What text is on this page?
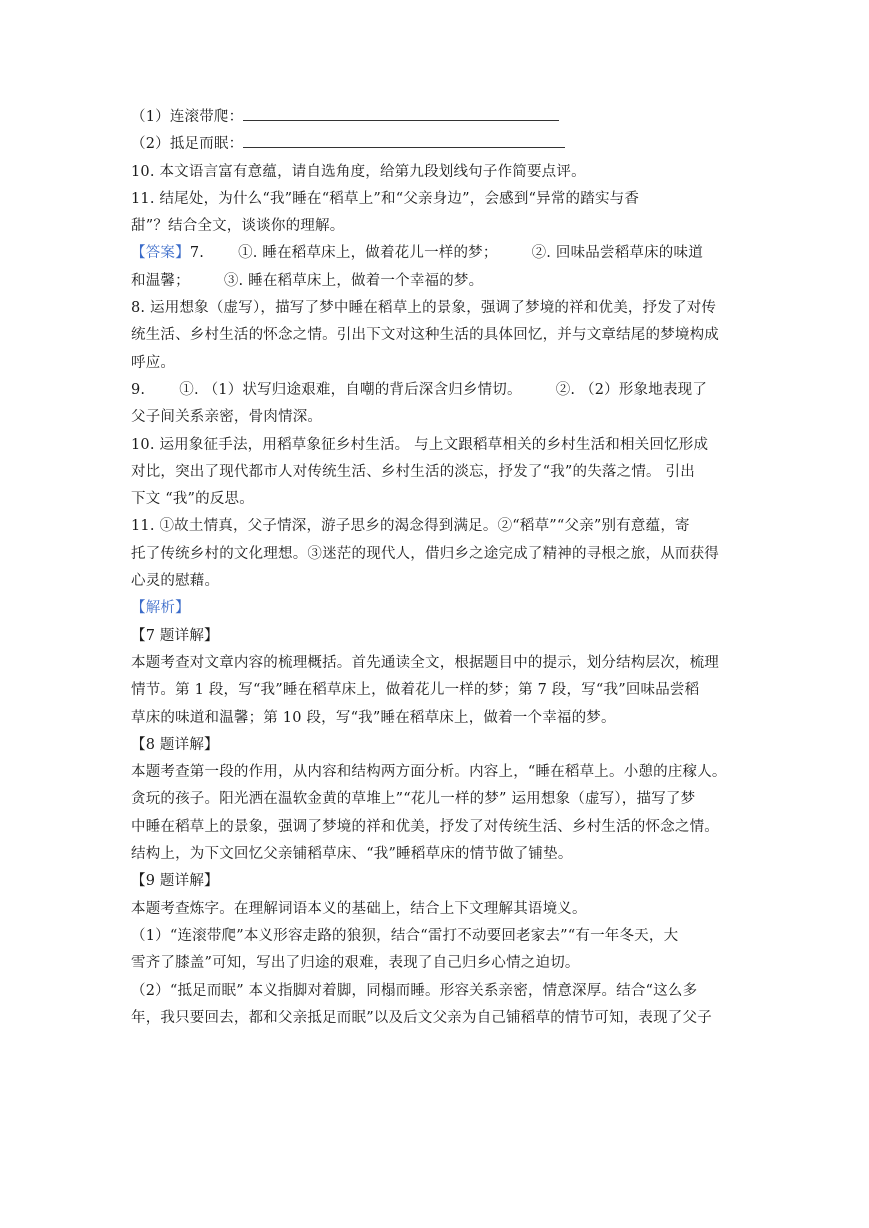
（1）连滚带爬：
（2）抵足而眠：
10. 本文语言富有意蕴，请自选角度，给第九段划线句子作简要点评。
11. 结尾处，为什么“我”睡在“稻草上”和“父亲身边”，会感到“异常的踏实与香
甜”？结合全文，谈谈你的理解。
【答案】7. ①. 睡在稻草床上，做着花儿一样的梦； ②. 回味品尝稻草床的味道
和温馨； ③. 睡在稻草床上，做着一个幸福的梦。
8. 运用想象（虚写），描写了梦中睡在稻草上的景象，强调了梦境的祥和优美，抒发了对传
统生活、乡村生活的怀念之情。引出下文对这种生活的具体回忆，并与文章结尾的梦境构成
呼应。
9. ①. （1）状写归途艰难，自嘲的背后深含归乡情切。 ②. （2）形象地表现了
父子间关系亲密，骨肉情深。
10. 运用象征手法，用稻草象征乡村生活。 与上文跟稻草相关的乡村生活和相关回忆形成
对比，突出了现代都市人对传统生活、乡村生活的淡忘，抒发了“我”的失落之情。 引出
下文 “我”的反思。
11. ①故土情真，父子情深，游子思乡的渴念得到满足。②“稻草”“父亲”别有意蕴，寄
托了传统乡村的文化理想。③迷茫的现代人，借归乡之途完成了精神的寻根之旅，从而获得
心灵的慰藉。
【解析】
【7 题详解】
本题考查对文章内容的梳理概括。首先通读全文，根据题目中的提示，划分结构层次，梳理
情节。第 1 段，写“我”睡在稻草床上，做着花儿一样的梦；第 7 段，写“我”回味品尝稻
草床的味道和温馨；第 10 段，写“我”睡在稻草床上，做着一个幸福的梦。
【8 题详解】
本题考查第一段的作用，从内容和结构两方面分析。内容上，“睡在稻草上。小憩的庄稼人。
贪玩的孩子。阳光洒在温软金黄的草堆上”“花儿一样的梦” 运用想象（虚写），描写了梦
中睡在稻草上的景象，强调了梦境的祥和优美，抒发了对传统生活、乡村生活的怀念之情。
结构上，为下文回忆父亲铺稻草床、“我”睡稻草床的情节做了铺垫。
【9 题详解】
本题考查炼字。在理解词语本义的基础上，结合上下文理解其语境义。
（1）“连滚带爬”本义形容走路的狼狈，结合“雷打不动要回老家去”“有一年冬天，大
雪齐了膝盖”可知，写出了归途的艰难，表现了自己归乡心情之迫切。
（2）“抵足而眠” 本义指脚对着脚，同榻而睡。形容关系亲密，情意深厚。结合“这么多
年，我只要回去，都和父亲抵足而眠”以及后文父亲为自己铺稻草的情节可知，表现了父子
